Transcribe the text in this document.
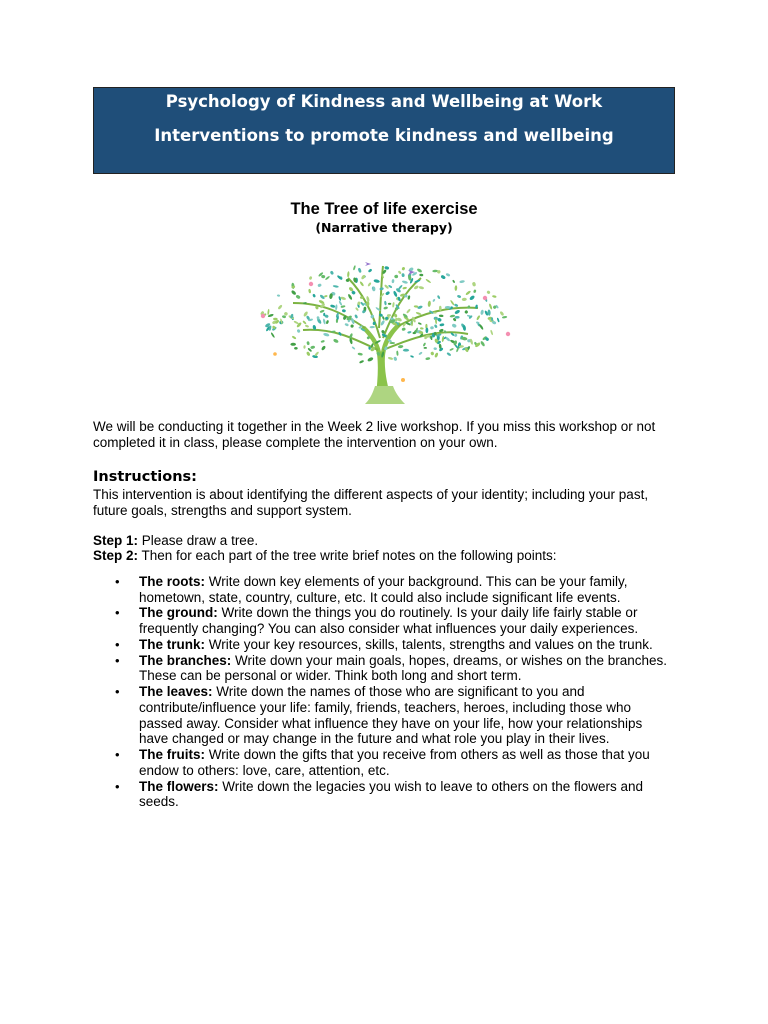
Psychology of Kindness and Wellbeing at Work
Interventions to promote kindness and wellbeing
The Tree of life exercise
(Narrative therapy)
We will be conducting it together in the Week 2 live workshop. If you miss this workshop or not completed it in class, please complete the intervention on your own.
Instructions:
This intervention is about identifying the different aspects of your identity; including your past, future goals, strengths and support system.
Step 1: Please draw a tree.
Step 2: Then for each part of the tree write brief notes on the following points:
• The roots: Write down key elements of your background. This can be your family, hometown, state, country, culture, etc. It could also include significant life events.
• The ground: Write down the things you do routinely. Is your daily life fairly stable or frequently changing? You can also consider what influences your daily experiences.
• The trunk: Write your key resources, skills, talents, strengths and values on the trunk.
• The branches: Write down your main goals, hopes, dreams, or wishes on the branches. These can be personal or wider. Think both long and short term.
• The leaves: Write down the names of those who are significant to you and contribute/influence your life: family, friends, teachers, heroes, including those who passed away. Consider what influence they have on your life, how your relationships have changed or may change in the future and what role you play in their lives.
• The fruits: Write down the gifts that you receive from others as well as those that you endow to others: love, care, attention, etc.
• The flowers: Write down the legacies you wish to leave to others on the flowers and seeds.
